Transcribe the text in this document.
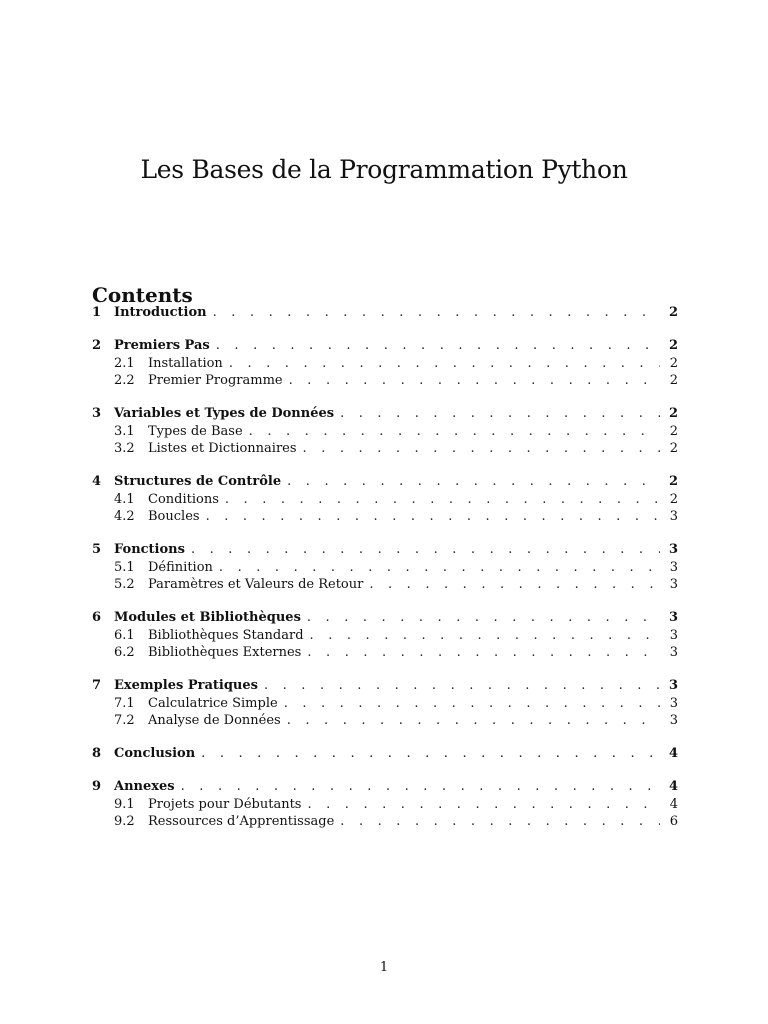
Les Bases de la Programmation Python
Contents
1 Introduction . . .	2
2 Premiers Pas . . .	2
2.1	Installation . . .	2
2.2	Premier Programme . . .	2
3 Variables et Types de Données . . .	2
3.1	Types de Base . . .	2
3.2	Listes et Dictionnaires . . .	2
4 Structures de Contrôle . . .	2
4.1	Conditions . . .	2
4.2	Boucles . . .	3
5 Fonctions . . .	3
5.1	Définition . . .	3
5.2	Paramètres et Valeurs de Retour . . .	3
6 Modules et Bibliothèques . . .	3
6.1	Bibliothèques Standard . . .	3
6.2	Bibliothèques Externes . . .	3
7 Exemples Pratiques . . .	3
7.1	Calculatrice Simple . . .	3
7.2	Analyse de Données . . .	3
8 Conclusion . . .	4
9 Annexes . . .	4
9.1	Projets pour Débutants . . .	4
9.2	Ressources d’Apprentissage . . .	6
1
